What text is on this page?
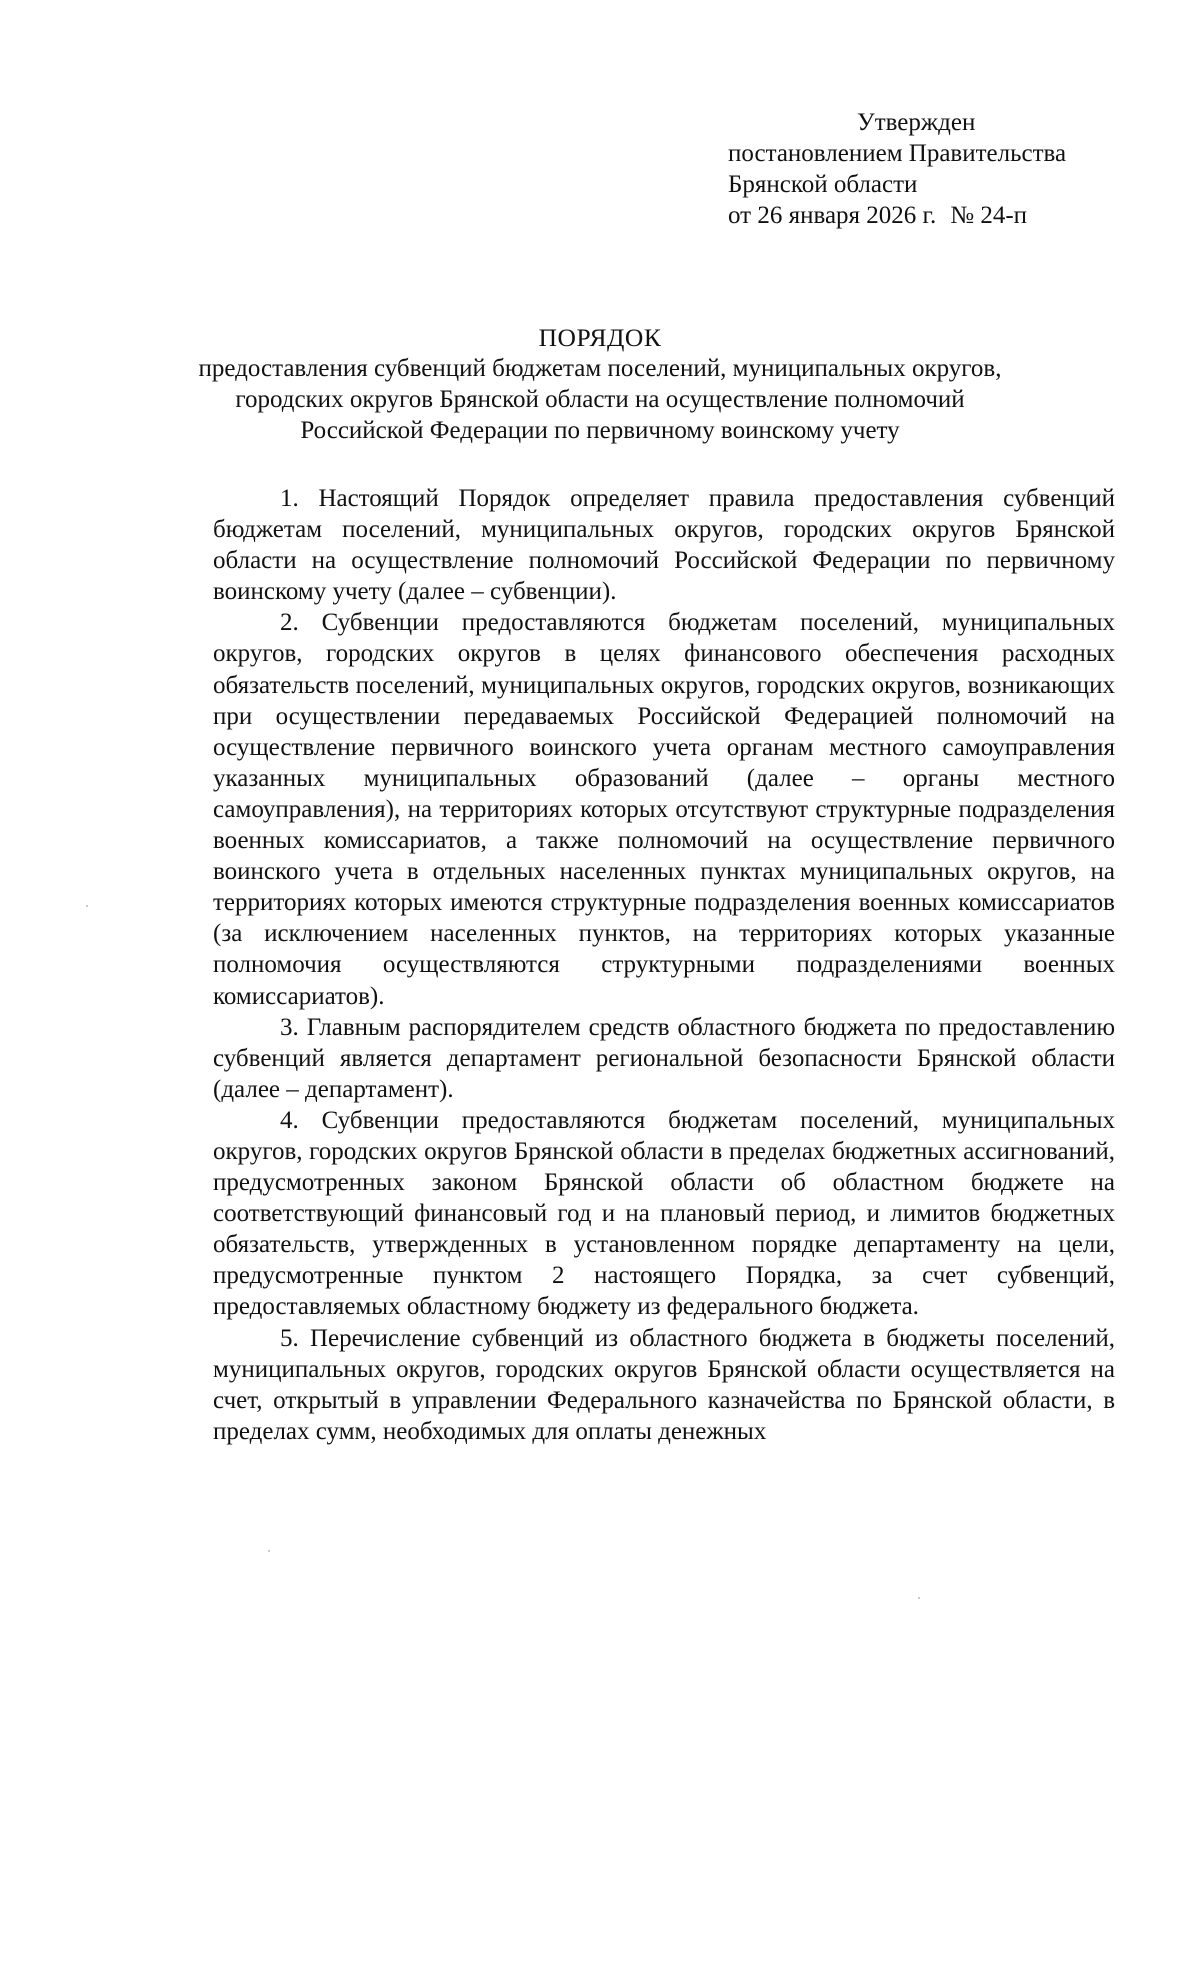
Утвержден
постановлением Правительства
Брянской области
от 26 января 2026 г. № 24-п
ПОРЯДОК
предоставления субвенций бюджетам поселений, муниципальных округов,
городских округов Брянской области на осуществление полномочий
Российской Федерации по первичному воинскому учету

1. Настоящий Порядок определяет правила предоставления субвенций бюджетам поселений, муниципальных округов, городских округов Брянской области на осуществление полномочий Российской Федерации по первичному воинскому учету (далее – субвенции).

2. Субвенции предоставляются бюджетам поселений, муниципальных округов, городских округов в целях финансового обеспечения расходных обязательств поселений, муниципальных округов, городских округов, возникающих при осуществлении передаваемых Российской Федерацией полномочий на осуществление первичного воинского учета органам местного самоуправления указанных муниципальных образований (далее – органы местного самоуправления), на территориях которых отсутствуют структурные подразделения военных комиссариатов, а также полномочий на осуществление первичного воинского учета в отдельных населенных пунктах муниципальных округов, на территориях которых имеются структурные подразделения военных комиссариатов (за исключением населенных пунктов, на территориях которых указанные полномочия осуществляются структурными подразделениями военных комиссариатов).

3. Главным распорядителем средств областного бюджета по предоставлению субвенций является департамент региональной безопасности Брянской области (далее – департамент).

4. Субвенции предоставляются бюджетам поселений, муниципальных округов, городских округов Брянской области в пределах бюджетных ассигнований, предусмотренных законом Брянской области об областном бюджете на соответствующий финансовый год и на плановый период, и лимитов бюджетных обязательств, утвержденных в установленном порядке департаменту на цели, предусмотренные пунктом 2 настоящего Порядка, за счет субвенций, предоставляемых областному бюджету из федерального бюджета.

5. Перечисление субвенций из областного бюджета в бюджеты поселений, муниципальных округов, городских округов Брянской области осуществляется на счет, открытый в управлении Федерального казначейства по Брянской области, в пределах сумм, необходимых для оплаты денежных
